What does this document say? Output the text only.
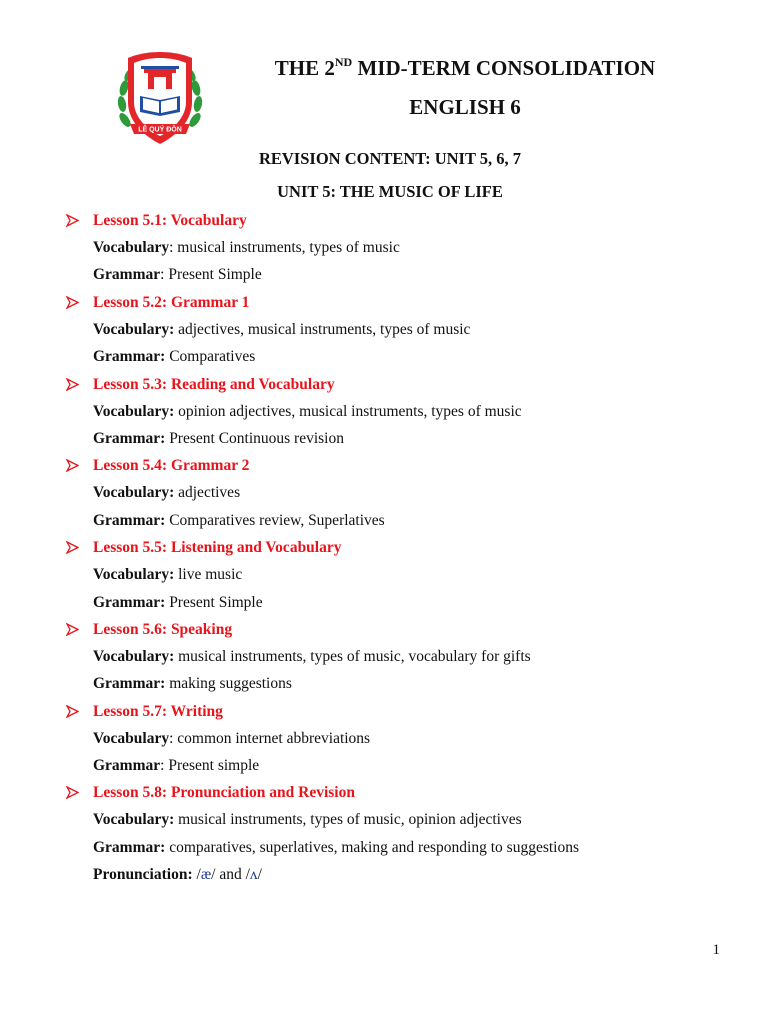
LÊ QUÝ ĐÔN
THE 2ND MID-TERM CONSOLIDATION
ENGLISH 6
REVISION CONTENT: UNIT 5, 6, 7
UNIT 5: THE MUSIC OF LIFE
Lesson 5.1: Vocabulary
Vocabulary: musical instruments, types of music
Grammar: Present Simple
Lesson 5.2: Grammar 1
Vocabulary: adjectives, musical instruments, types of music
Grammar: Comparatives
Lesson 5.3: Reading and Vocabulary
Vocabulary: opinion adjectives, musical instruments, types of music
Grammar: Present Continuous revision
Lesson 5.4: Grammar 2
Vocabulary: adjectives
Grammar: Comparatives review, Superlatives
Lesson 5.5: Listening and Vocabulary
Vocabulary: live music
Grammar: Present Simple
Lesson 5.6: Speaking
Vocabulary: musical instruments, types of music, vocabulary for gifts
Grammar: making suggestions
Lesson 5.7: Writing
Vocabulary: common internet abbreviations
Grammar: Present simple
Lesson 5.8: Pronunciation and Revision
Vocabulary: musical instruments, types of music, opinion adjectives
Grammar: comparatives, superlatives, making and responding to suggestions
Pronunciation: /æ/ and /ʌ/
1
